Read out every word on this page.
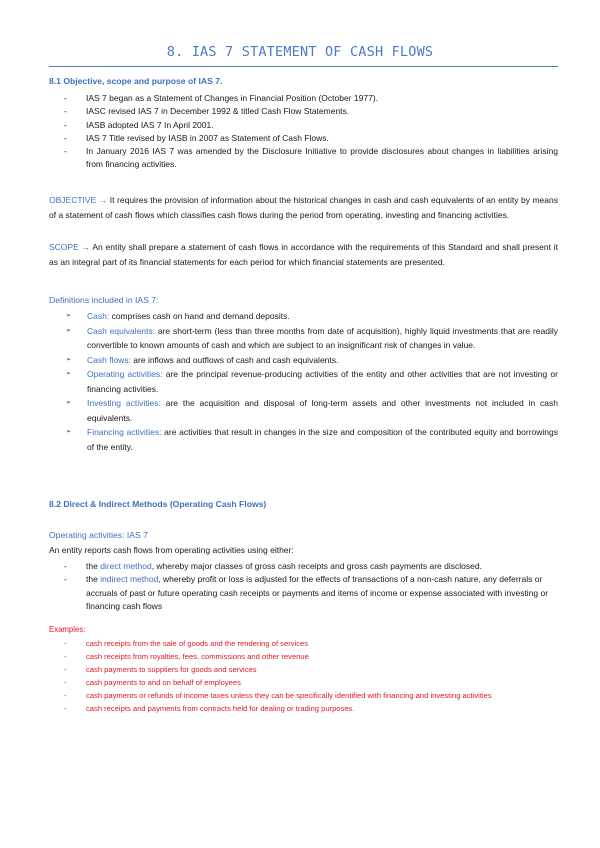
8. IAS 7 STATEMENT OF CASH FLOWS
8.1 Objective, scope and purpose of IAS 7.
- IAS 7 began as a Statement of Changes in Financial Position (October 1977).
- IASC revised IAS 7 in December 1992 & titled Cash Flow Statements.
- IASB adopted IAS 7 In April 2001.
- IAS 7 Title revised by IASB in 2007 as Statement of Cash Flows.
- In January 2016 IAS 7 was amended by the Disclosure Initiative to provide disclosures about changes in liabilities arising from financing activities.
OBJECTIVE → It requires the provision of information about the historical changes in cash and cash equivalents of an entity by means of a statement of cash flows which classifies cash flows during the period from operating, investing and financing activities.
SCOPE → An entity shall prepare a statement of cash flows in accordance with the requirements of this Standard and shall present it as an integral part of its financial statements for each period for which financial statements are presented.
Definitions included in IAS 7:
➢ Cash: comprises cash on hand and demand deposits.
➢ Cash equivalents: are short-term (less than three months from date of acquisition), highly liquid investments that are readily convertible to known amounts of cash and which are subject to an insignificant risk of changes in value.
➢ Cash flows: are inflows and outflows of cash and cash equivalents.
➢ Operating activities: are the principal revenue-producing activities of the entity and other activities that are not investing or financing activities.
➢ Investing activities: are the acquisition and disposal of long-term assets and other investments not included in cash equivalents.
➢ Financing activities: are activities that result in changes in the size and composition of the contributed equity and borrowings of the entity.
8.2 Direct & Indirect Methods (Operating Cash Flows)
Operating activities: IAS 7
An entity reports cash flows from operating activities using either:
- the direct method, whereby major classes of gross cash receipts and gross cash payments are disclosed.
- the indirect method, whereby profit or loss is adjusted for the effects of transactions of a non-cash nature, any deferrals or accruals of past or future operating cash receipts or payments and items of income or expense associated with investing or financing cash flows
Examples:
-	cash receipts from the sale of goods and the rendering of services
-	cash receipts from royalties, fees, commissions and other revenue
-	cash payments to suppliers for goods and services
-	cash payments to and on behalf of employees
-	cash payments or refunds of income taxes unless they can be specifically identified with financing and investing activities
-	cash receipts and payments from contracts held for dealing or trading purposes.
